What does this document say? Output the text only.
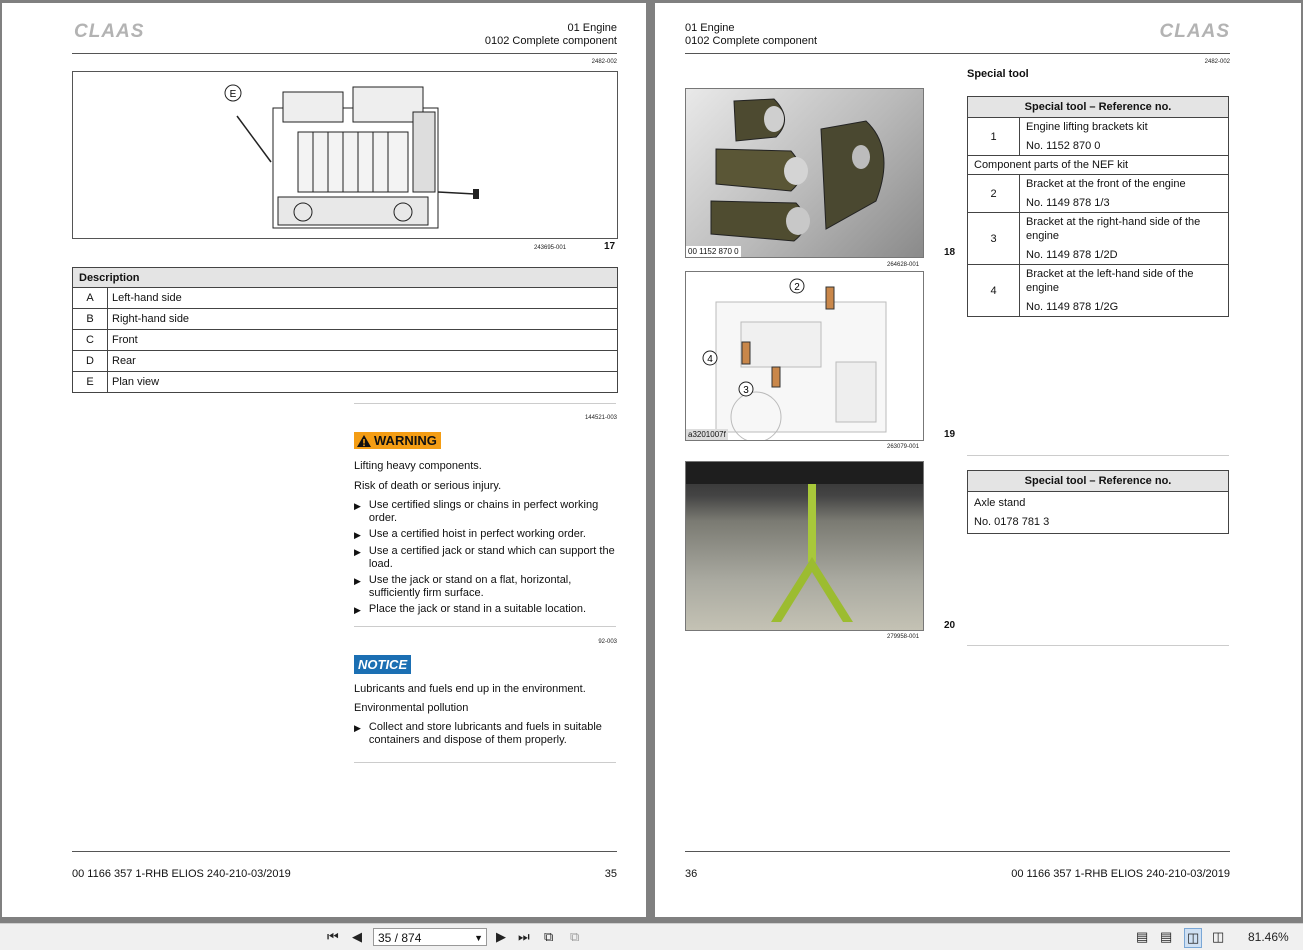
CLAAS	01 Engine
0102 Complete component
2482-002
E
243695-001	17
Description	
A	Left-hand side
B	Right-hand side
C	Front
D	Rear
E	Plan view
144521-003
WARNING
Lifting heavy components.
Risk of death or serious injury.
▶ Use certified slings or chains in perfect working order.
▶ Use a certified hoist in perfect working order.
▶ Use a certified jack or stand which can support the load.
▶ Use the jack or stand on a flat, horizontal, sufficiently firm surface.
▶ Place the jack or stand in a suitable location.
92-003
NOTICE
Lubricants and fuels end up in the environment.
Environmental pollution
▶ Collect and store lubricants and fuels in suitable containers and dispose of them properly.
00 1166 357 1-RHB ELIOS 240-210-03/2019	35
01 Engine
0102 Complete component	CLAAS
2482-002
Special tool
00 1152 870 0
264628-001
18
2
4
3
a3201007f
263079-001
19
279958-001
20
Special tool – Reference no.	
1	Engine lifting brackets kit
No. 1152 870 0

Component parts of the NEF kit	
2	Bracket at the front of the engine
No. 1149 878 1/3

3	Bracket at the right-hand side of the engine
No. 1149 878 1/2D

4	Bracket at the left-hand side of the engine
No. 1149 878 1/2G
Special tool – Reference no.

Axle stand
No. 0178 781 3
36	00 1166 357 1-RHB ELIOS 240-210-03/2019
⏮ ◀	35 / 874	▼ ▶ ⏭ ⧉ ⧉	▤ ▤ ◫ ◫ 81.46%
